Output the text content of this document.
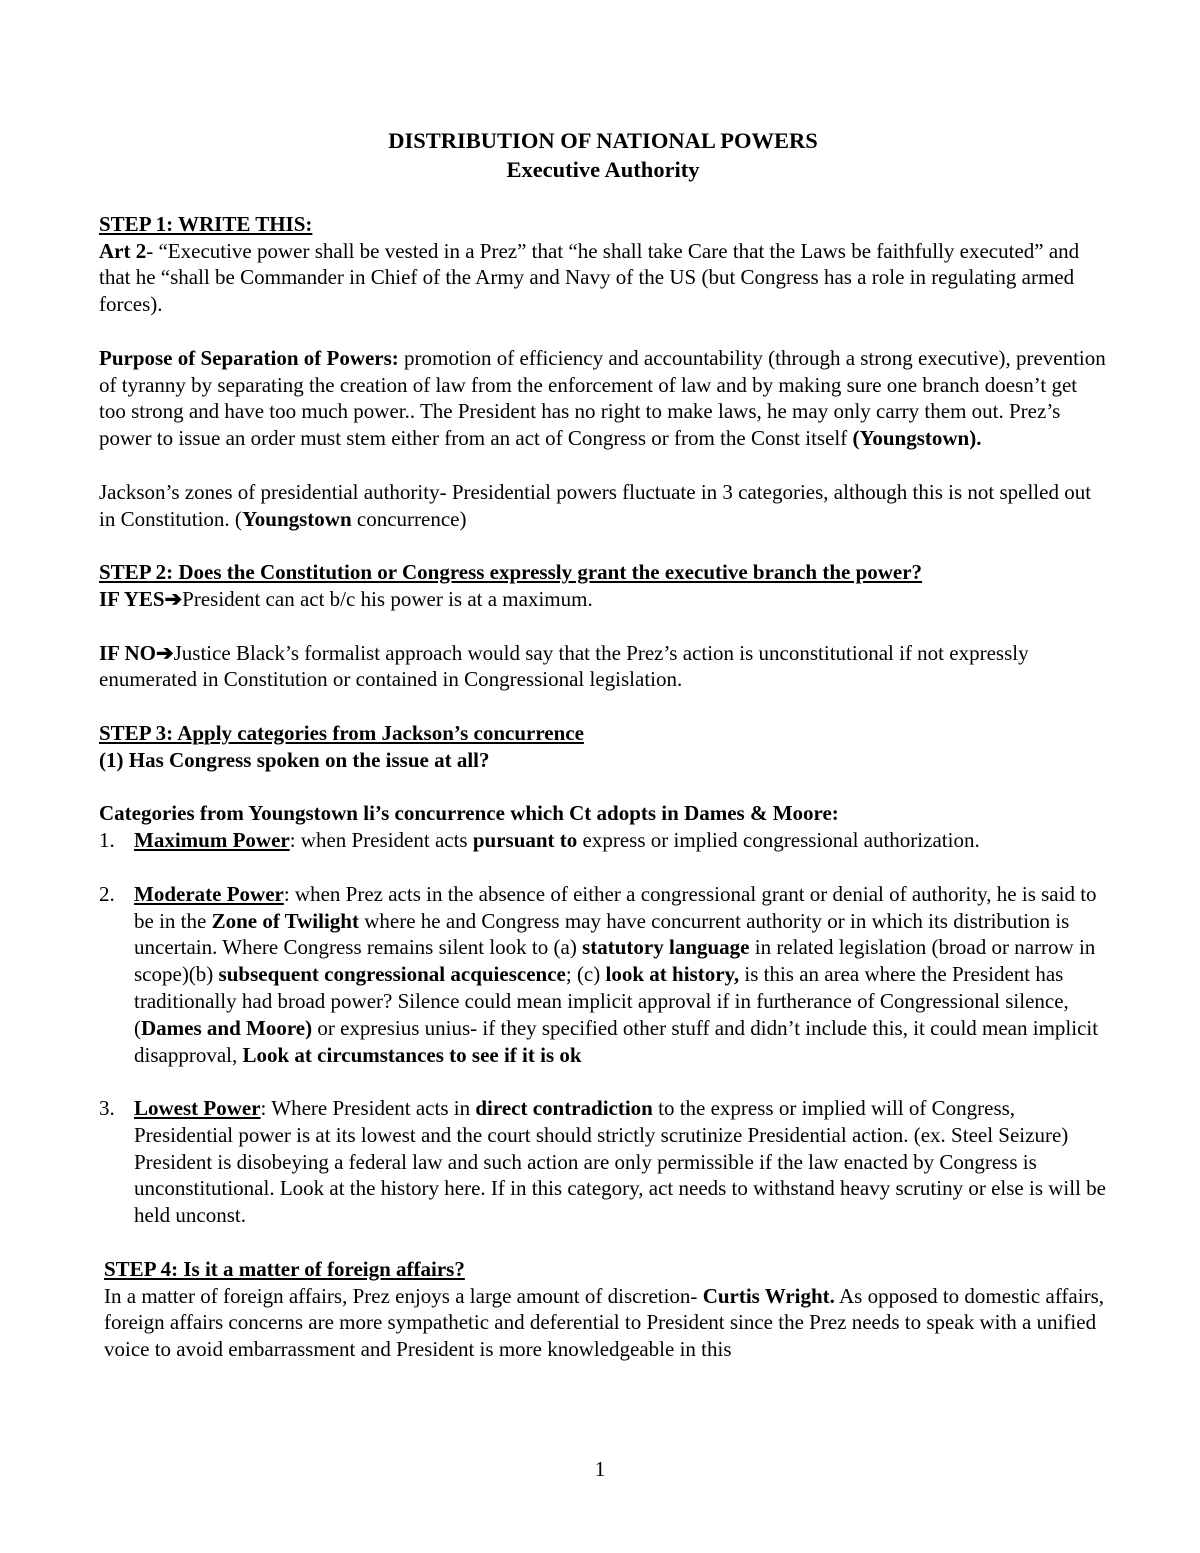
DISTRIBUTION OF NATIONAL POWERS
Executive Authority

STEP 1: WRITE THIS:

Art 2- “Executive power shall be vested in a Prez” that “he shall take Care that the Laws be faithfully executed” and that he “shall be Commander in Chief of the Army and Navy of the US (but Congress has a role in regulating armed forces).

Purpose of Separation of Powers: promotion of efficiency and accountability (through a strong executive), prevention of tyranny by separating the creation of law from the enforcement of law and by making sure one branch doesn’t get too strong and have too much power.. The President has no right to make laws, he may only carry them out. Prez’s power to issue an order must stem either from an act of Congress or from the Const itself (Youngstown).

Jackson’s zones of presidential authority- Presidential powers fluctuate in 3 categories, although this is not spelled out in Constitution. (Youngstown concurrence)

STEP 2: Does the Constitution or Congress expressly grant the executive branch the power?

IF YES➔President can act b/c his power is at a maximum.

IF NO➔Justice Black’s formalist approach would say that the Prez’s action is unconstitutional if not expressly enumerated in Constitution or contained in Congressional legislation.

STEP 3: Apply categories from Jackson’s concurrence

(1) Has Congress spoken on the issue at all?

Categories from Youngstown li’s concurrence which Ct adopts in Dames & Moore:

1. Maximum Power: when President acts pursuant to express or implied congressional authorization.
2. Moderate Power: when Prez acts in the absence of either a congressional grant or denial of authority, he is said to be in the Zone of Twilight where he and Congress may have concurrent authority or in which its distribution is uncertain. Where Congress remains silent look to (a) statutory language in related legislation (broad or narrow in scope)(b) subsequent congressional acquiescence; (c) look at history, is this an area where the President has traditionally had broad power? Silence could mean implicit approval if in furtherance of Congressional silence, (Dames and Moore) or expresius unius- if they specified other stuff and didn’t include this, it could mean implicit disapproval, Look at circumstances to see if it is ok
3. Lowest Power: Where President acts in direct contradiction to the express or implied will of Congress, Presidential power is at its lowest and the court should strictly scrutinize Presidential action. (ex. Steel Seizure) President is disobeying a federal law and such action are only permissible if the law enacted by Congress is unconstitutional. Look at the history here. If in this category, act needs to withstand heavy scrutiny or else is will be held unconst.

STEP 4: Is it a matter of foreign affairs?

In a matter of foreign affairs, Prez enjoys a large amount of discretion- Curtis Wright. As opposed to domestic affairs, foreign affairs concerns are more sympathetic and deferential to President since the Prez needs to speak with a unified voice to avoid embarrassment and President is more knowledgeable in this

1
